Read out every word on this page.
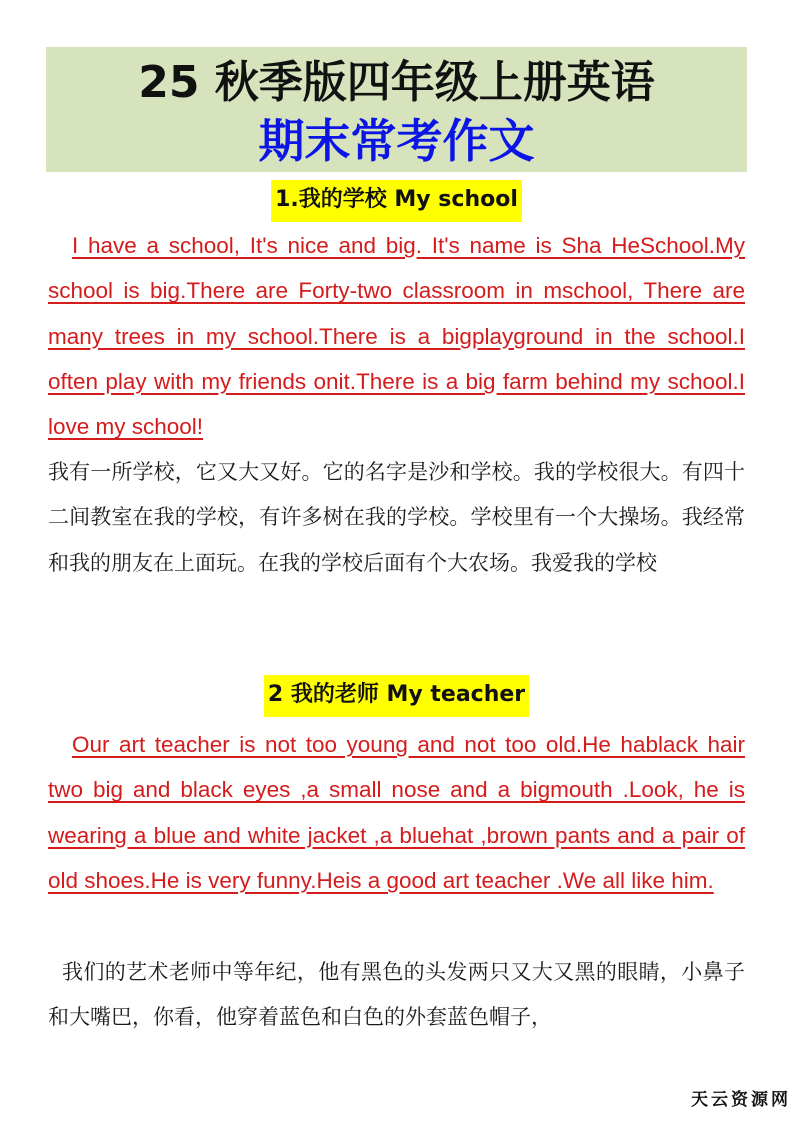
25 秋季版四年级上册英语
期末常考作文
1.我的学校 My school

I have a school, It's nice and big. It's name is Sha HeSchool.My school is big.There are Forty-two classroom in mschool, There are many trees in my school.There is a bigplayground in the school.I often play with my friends onit.There is a big farm behind my school.I love my school!

我有一所学校，它又大又好。它的名字是沙和学校。我的学校很大。有四十二间教室在我的学校，有许多树在我的学校。学校里有一个大操场。我经常和我的朋友在上面玩。在我的学校后面有个大农场。我爱我的学校

2 我的老师 My teacher

Our art teacher is not too young and not too old.He hablack hair two big and black eyes ,a small nose and a bigmouth .Look, he is wearing a blue and white jacket ,a bluehat ,brown pants and a pair of old shoes.He is very funny.Heis a good art teacher .We all like him.

我们的艺术老师中等年纪，他有黑色的头发两只又大又黑的眼睛，小鼻子和大嘴巴，你看，他穿着蓝色和白色的外套蓝色帽子，

天云资源网
